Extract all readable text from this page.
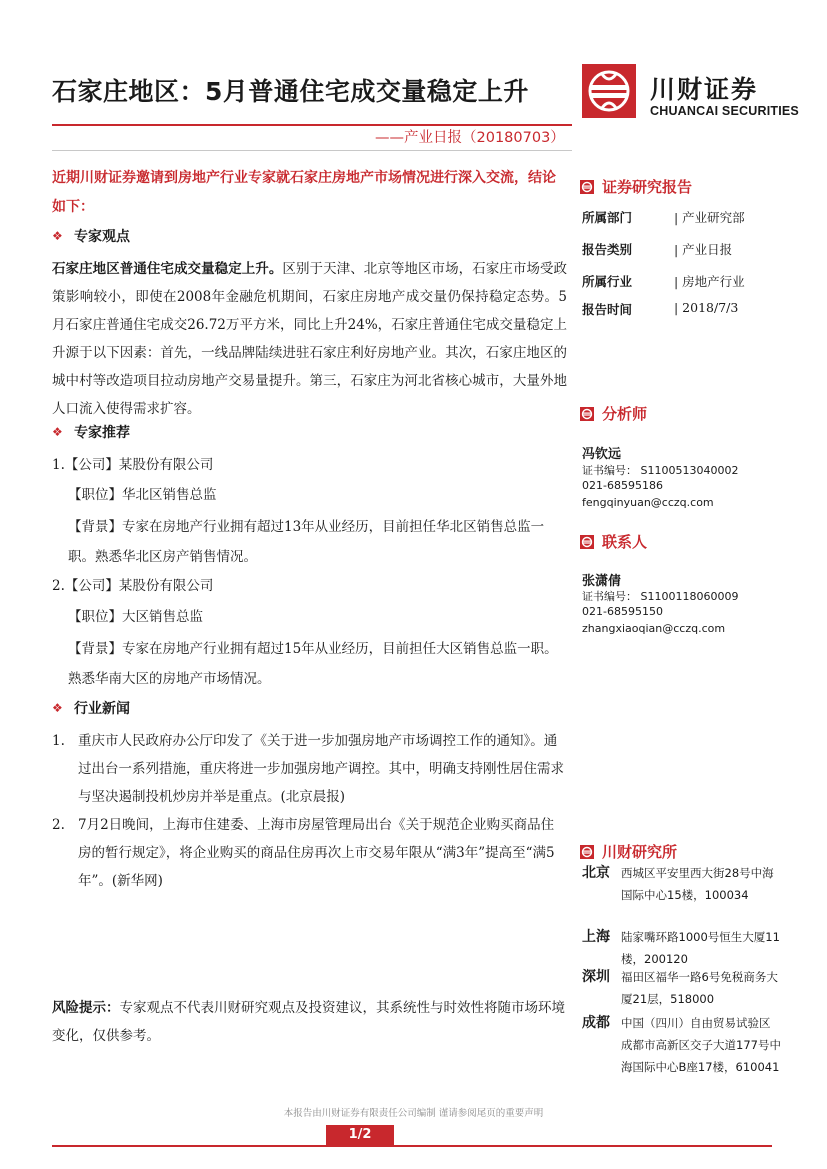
石家庄地区：5月普通住宅成交量稳定上升	川财证券
CHUANCAI SECURITIES
——产业日报（20180703）
近期川财证券邀请到房地产行业专家就石家庄房地产市场情况进行深入交流，结论如下：
❖ 专家观点
石家庄地区普通住宅成交量稳定上升。区别于天津、北京等地区市场，石家庄市场受政策影响较小，即使在2008年金融危机期间，石家庄房地产成交量仍保持稳定态势。5月石家庄普通住宅成交26.72万平方米，同比上升24%，石家庄普通住宅成交量稳定上升源于以下因素：首先，一线品牌陆续进驻石家庄利好房地产业。其次，石家庄地区的城中村等改造项目拉动房地产交易量提升。第三，石家庄为河北省核心城市，大量外地人口流入使得需求扩容。
❖ 专家推荐
1.【公司】某股份有限公司
【职位】华北区销售总监
【背景】专家在房地产行业拥有超过13年从业经历，目前担任华北区销售总监一职。熟悉华北区房产销售情况。
2.【公司】某股份有限公司
【职位】大区销售总监
【背景】专家在房地产行业拥有超过15年从业经历，目前担任大区销售总监一职。熟悉华南大区的房地产市场情况。
❖ 行业新闻
1. 重庆市人民政府办公厅印发了《关于进一步加强房地产市场调控工作的通知》。通过出台一系列措施，重庆将进一步加强房地产调控。其中，明确支持刚性居住需求与坚决遏制投机炒房并举是重点。(北京晨报)
2. 7月2日晚间，上海市住建委、上海市房屋管理局出台《关于规范企业购买商品住房的暂行规定》，将企业购买的商品住房再次上市交易年限从“满3年”提高至“满5年”。(新华网)
风险提示：专家观点不代表川财研究观点及投资建议，其系统性与时效性将随市场环境变化，仅供参考。
证券研究报告
所属部门	| 产业研究部
报告类别	| 产业日报
所属行业	| 房地产行业
报告时间	| 2018/7/3
分析师
冯钦远
证书编号： S1100513040002
021-68595186
fengqinyuan@cczq.com
联系人
张潇倩
证书编号： S1100118060009
021-68595150
zhangxiaoqian@cczq.com
川财研究所
北京 西城区平安里西大街28号中海国际中心15楼，100034
上海 陆家嘴环路1000号恒生大厦11楼，200120
深圳 福田区福华一路6号免税商务大厦21层，518000
成都 中国（四川）自由贸易试验区成都市高新区交子大道177号中海国际中心B座17楼，610041
本报告由川财证券有限责任公司编制 谨请参阅尾页的重要声明
1/2
